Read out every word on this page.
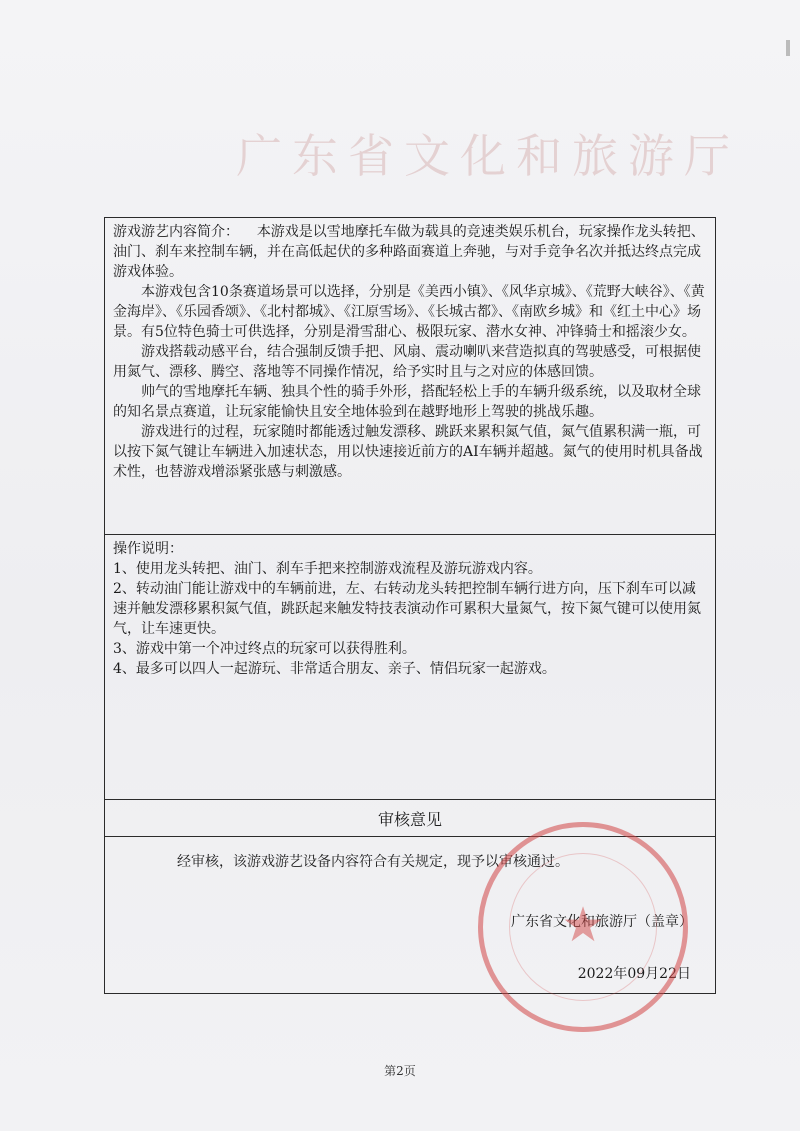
广东省文化和旅游厅

游戏游艺内容简介： 本游戏是以雪地摩托车做为载具的竞速类娱乐机台，玩家操作龙头转把、油门、刹车来控制车辆，并在高低起伏的多种路面赛道上奔驰，与对手竞争名次并抵达终点完成游戏体验。

本游戏包含10条赛道场景可以选择，分别是《美西小镇》、《风华京城》、《荒野大峡谷》、《黄金海岸》、《乐园香颂》、《北村都城》、《江原雪场》、《长城古都》、《南欧乡城》和《红土中心》场景。有5位特色骑士可供选择，分别是滑雪甜心、极限玩家、潜水女神、冲锋骑士和摇滚少女。

游戏搭载动感平台，结合强制反馈手把、风扇、震动喇叭来营造拟真的驾驶感受，可根据使用氮气、漂移、腾空、落地等不同操作情况，给予实时且与之对应的体感回馈。

帅气的雪地摩托车辆、独具个性的骑手外形，搭配轻松上手的车辆升级系统，以及取材全球的知名景点赛道，让玩家能愉快且安全地体验到在越野地形上驾驶的挑战乐趣。

游戏进行的过程，玩家随时都能透过触发漂移、跳跃来累积氮气值，氮气值累积满一瓶，可以按下氮气键让车辆进入加速状态，用以快速接近前方的AI车辆并超越。氮气的使用时机具备战术性，也替游戏增添紧张感与刺激感。

操作说明：

1、使用龙头转把、油门、刹车手把来控制游戏流程及游玩游戏内容。

2、转动油门能让游戏中的车辆前进，左、右转动龙头转把控制车辆行进方向，压下刹车可以减速并触发漂移累积氮气值，跳跃起来触发特技表演动作可累积大量氮气，按下氮气键可以使用氮气，让车速更快。

3、游戏中第一个冲过终点的玩家可以获得胜利。

4、最多可以四人一起游玩、非常适合朋友、亲子、情侣玩家一起游戏。

审核意见

经审核，该游戏游艺设备内容符合有关规定，现予以审核通过。
广东省文化和旅游厅（盖章）
2022年09月22日
★
第2页
